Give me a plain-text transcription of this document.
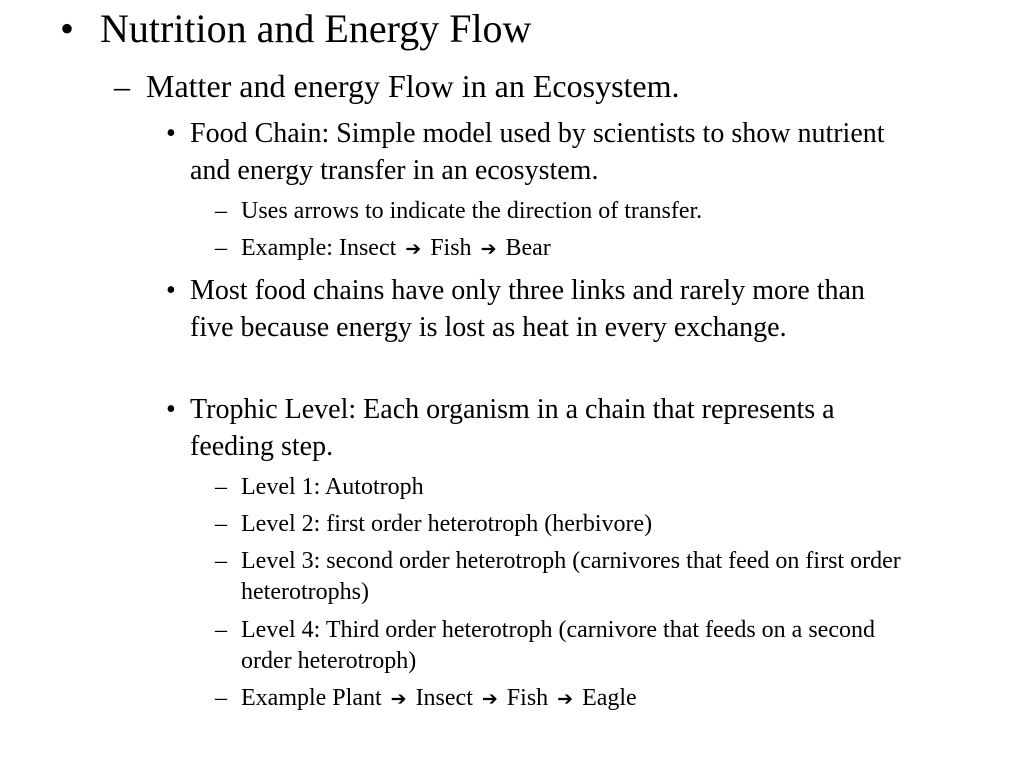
• Nutrition and Energy Flow
– Matter and energy Flow in an Ecosystem.
• Food Chain: Simple model used by scientists to show nutrient and energy transfer in an ecosystem.
– Uses arrows to indicate the direction of transfer.
– Example: Insect ➔ Fish ➔ Bear
• Most food chains have only three links and rarely more than five because energy is lost as heat in every exchange.
• Trophic Level: Each organism in a chain that represents a feeding step.
– Level 1: Autotroph
– Level 2: first order heterotroph (herbivore)
– Level 3: second order heterotroph (carnivores that feed on first order heterotrophs)
– Level 4: Third order heterotroph (carnivore that feeds on a second order heterotroph)
– Example Plant ➔ Insect ➔ Fish ➔ Eagle
